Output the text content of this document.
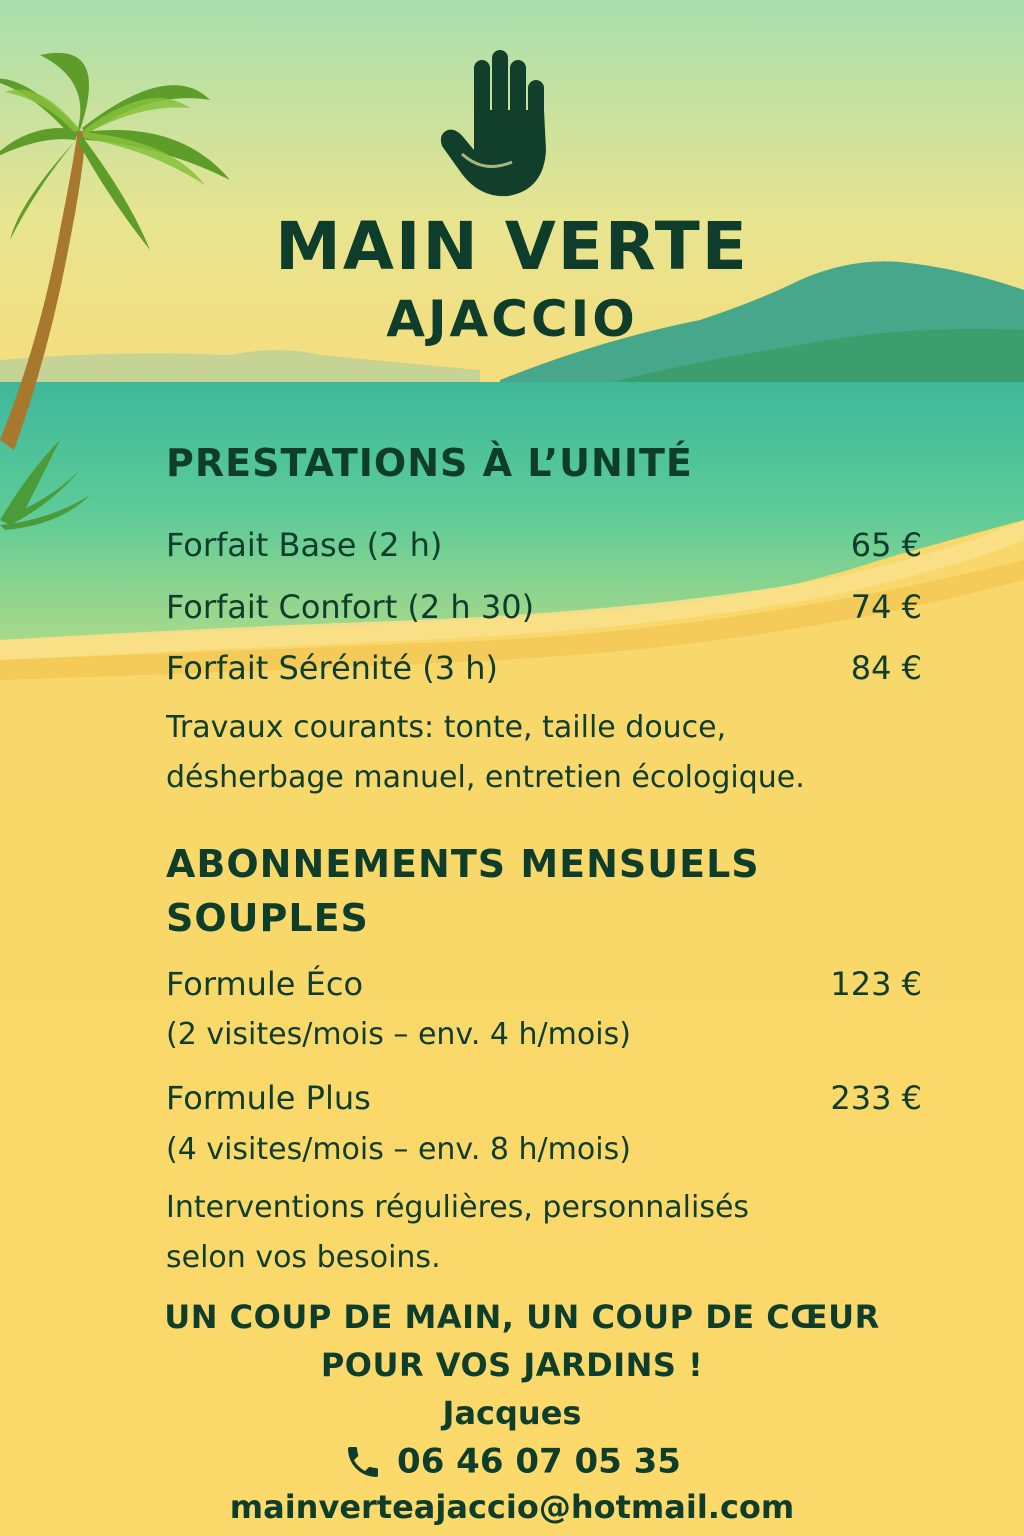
MAIN VERTE
AJACCIO
PRESTATIONS À L’UNITÉ
Forfait Base (2 h)	65 €
Forfait Confort (2 h 30)	74 €
Forfait Sérénité (3 h)	84 €
Travaux courants: tonte, taille douce,
désherbage manuel, entretien écologique.
ABONNEMENTS MENSUELS
SOUPLES
Formule Éco	123 €
(2 visites/mois – env. 4 h/mois)
Formule Plus	233 €
(4 visites/mois – env. 8 h/mois)
Interventions régulières, personnalisés
selon vos besoins.
UN COUP DE MAIN, UN COUP DE CŒUR
POUR VOS JARDINS !
Jacques
06 46 07 05 35
mainverteajaccio@hotmail.com
